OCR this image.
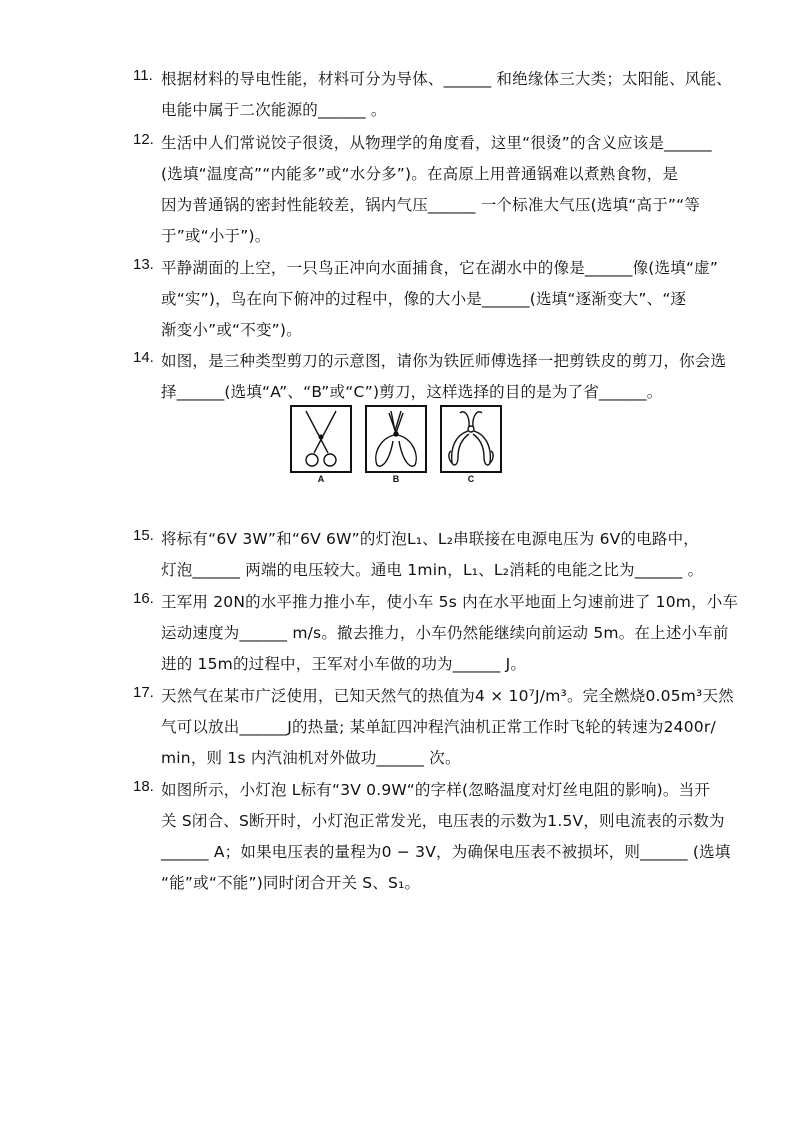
11. 根据材料的导电性能，材料可分为导体、______ 和绝缘体三大类；太阳能、风能、
电能中属于二次能源的______ 。
12. 生活中人们常说饺子很烫，从物理学的角度看，这里“很烫”的含义应该是______
(选填“温度高”“内能多”或“水分多”)。在高原上用普通锅难以煮熟食物，是
因为普通锅的密封性能较差，锅内气压______ 一个标准大气压(选填“高于”“等
于”或“小于”)。
13. 平静湖面的上空，一只鸟正冲向水面捕食，它在湖水中的像是______像(选填“虚”
或“实”)，鸟在向下俯冲的过程中，像的大小是______(选填“逐渐变大”、“逐
渐变小”或“不变”)。
14. 如图，是三种类型剪刀的示意图，请你为铁匠师傅选择一把剪铁皮的剪刀，你会选
择______(选填“A”、“B”或“C”)剪刀，这样选择的目的是为了省______。
A	B	C
15. 将标有“6V 3W”和“6V 6W”的灯泡L₁、L₂串联接在电源电压为 6V的电路中，
灯泡______ 两端的电压较大。通电 1min，L₁、L₂消耗的电能之比为______ 。
16. 王军用 20N的水平推力推小车，使小车 5s 内在水平地面上匀速前进了 10m，小车
运动速度为______ m/s。撤去推力，小车仍然能继续向前运动 5m。在上述小车前
进的 15m的过程中，王军对小车做的功为______ J。
17. 天然气在某市广泛使用，已知天然气的热值为4 × 10⁷J/m³。完全燃烧0.05m³天然
气可以放出______J的热量; 某单缸四冲程汽油机正常工作时飞轮的转速为2400r/
min，则 1s 内汽油机对外做功______ 次。
18. 如图所示，小灯泡 L标有“3V 0.9W“的字样(忽略温度对灯丝电阻的影响)。当开
关 S闭合、S断开时，小灯泡正常发光，电压表的示数为1.5V，则电流表的示数为
______ A；如果电压表的量程为0 − 3V，为确保电压表不被损坏，则______ (选填
“能”或“不能”)同时闭合开关 S、S₁。
